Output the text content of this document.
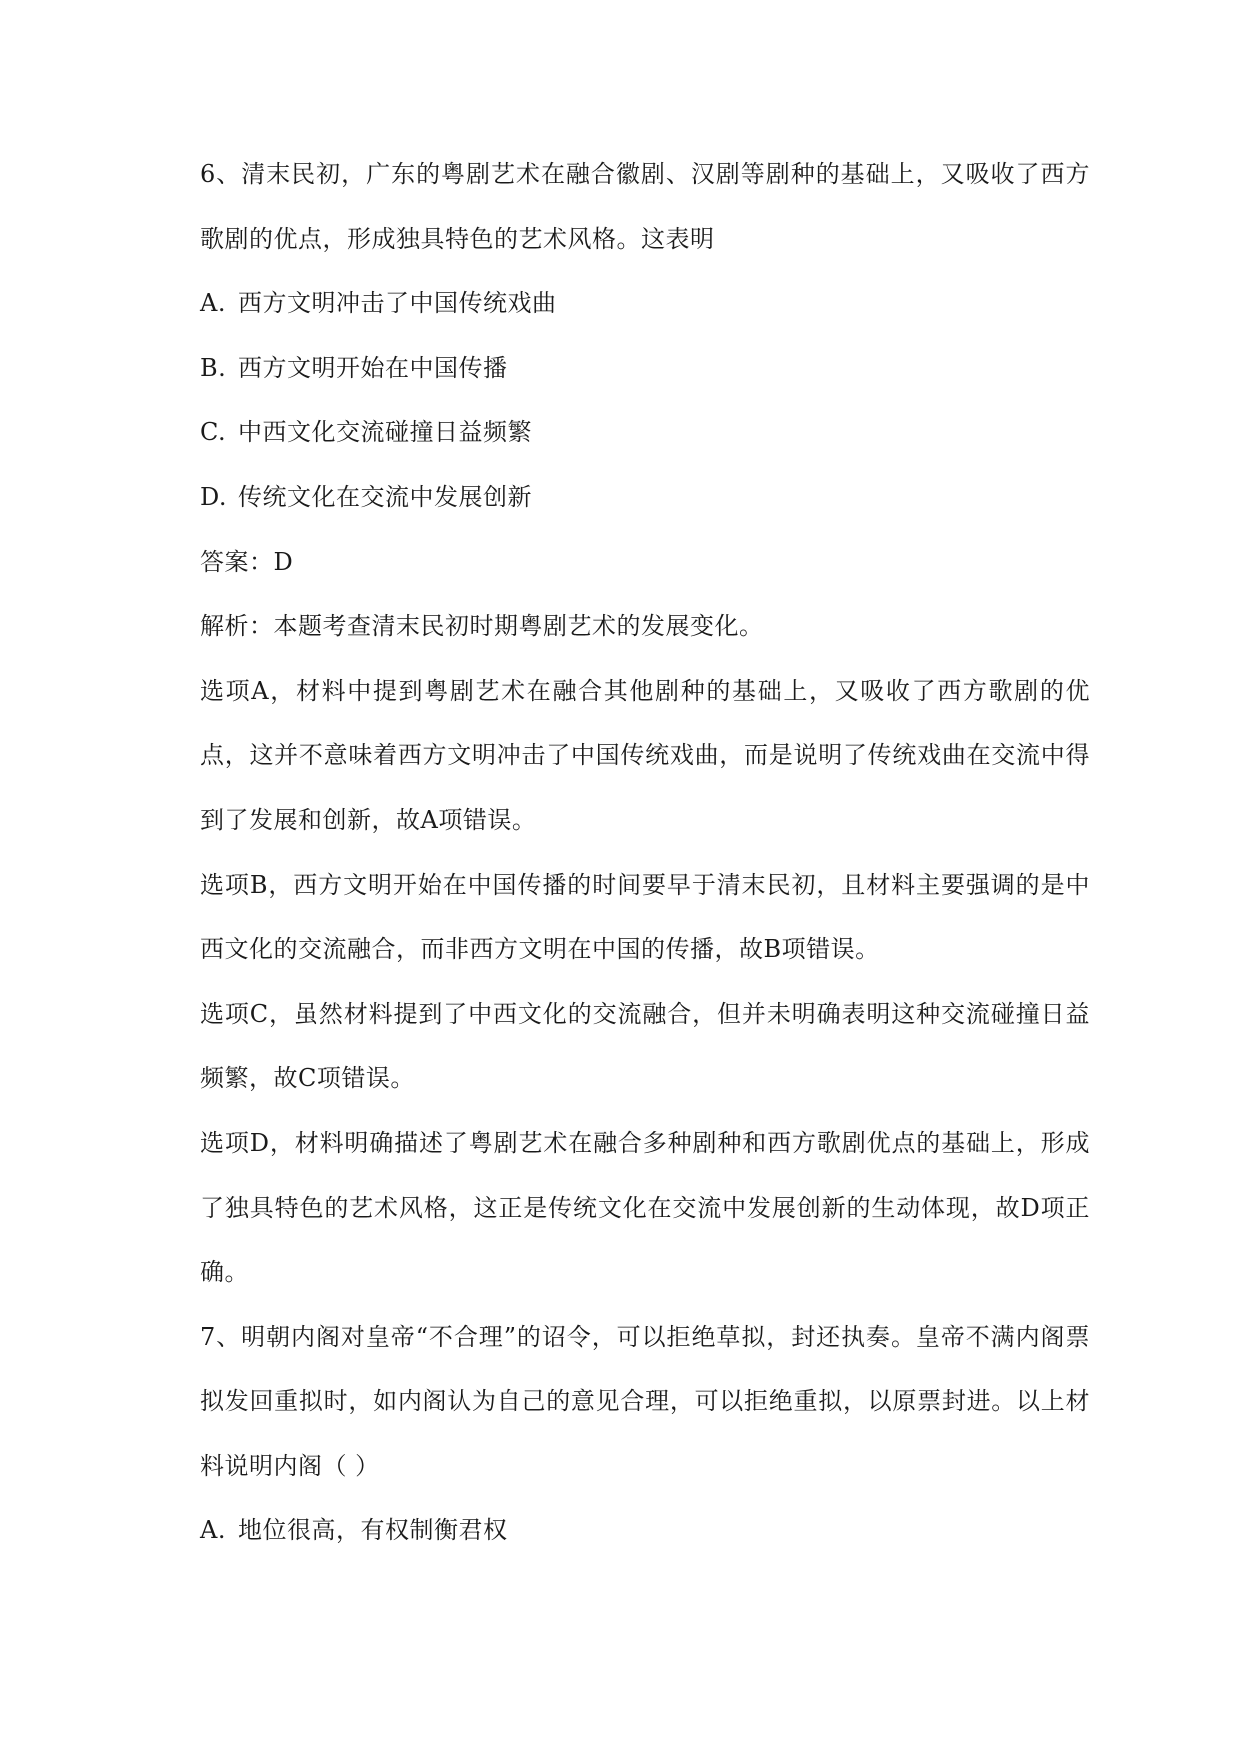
6、清末民初，广东的粤剧艺术在融合徽剧、汉剧等剧种的基础上，又吸收了西方歌剧的优点，形成独具特色的艺术风格。这表明

A. 西方文明冲击了中国传统戏曲

B. 西方文明开始在中国传播

C. 中西文化交流碰撞日益频繁

D. 传统文化在交流中发展创新

答案：D

解析：本题考查清末民初时期粤剧艺术的发展变化。

选项A，材料中提到粤剧艺术在融合其他剧种的基础上，又吸收了西方歌剧的优点，这并不意味着西方文明冲击了中国传统戏曲，而是说明了传统戏曲在交流中得到了发展和创新，故A项错误。

选项B，西方文明开始在中国传播的时间要早于清末民初，且材料主要强调的是中西文化的交流融合，而非西方文明在中国的传播，故B项错误。

选项C，虽然材料提到了中西文化的交流融合，但并未明确表明这种交流碰撞日益频繁，故C项错误。

选项D，材料明确描述了粤剧艺术在融合多种剧种和西方歌剧优点的基础上，形成了独具特色的艺术风格，这正是传统文化在交流中发展创新的生动体现，故D项正确。

7、明朝内阁对皇帝“不合理”的诏令，可以拒绝草拟，封还执奏。皇帝不满内阁票拟发回重拟时，如内阁认为自己的意见合理，可以拒绝重拟，以原票封进。以上材料说明内阁（ ）

A. 地位很高，有权制衡君权
